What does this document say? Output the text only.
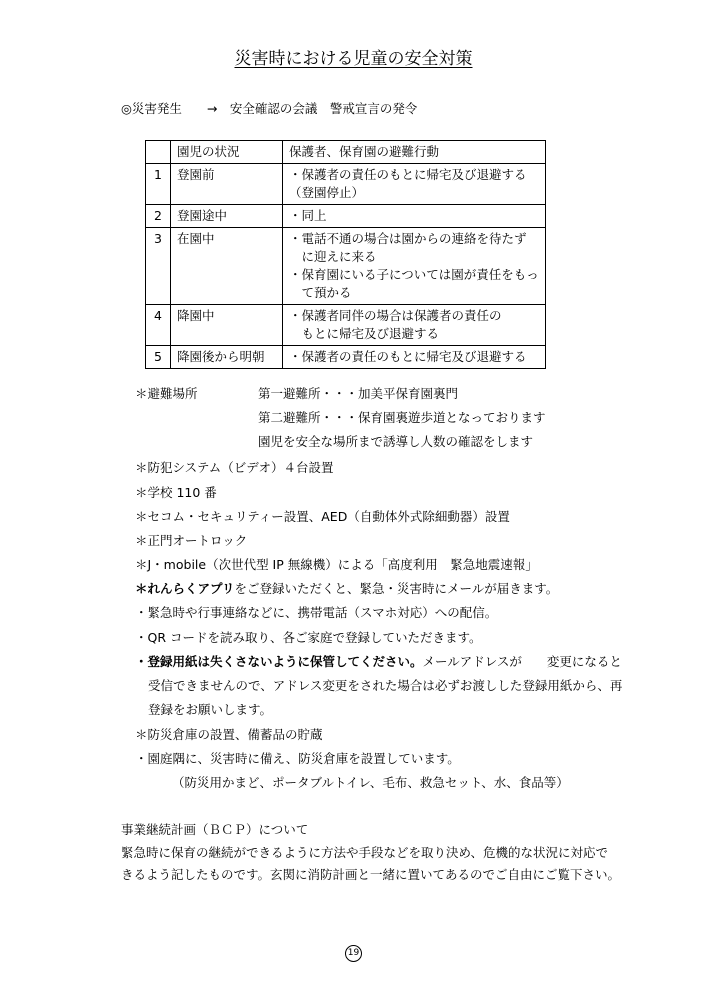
災害時における児童の安全対策
◎災害発生　　→　安全確認の会議　警戒宣言の発令
	園児の状況	保護者、保育園の避難行動
1	登園前	・保護者の責任のもとに帰宅及び退避する
（登園停止）
2	登園途中	・同上
3	在園中	・電話不通の場合は園からの連絡を待たず
　に迎えに来る
・保育園にいる子については園が責任をもっ
　て預かる
4	降園中	・保護者同伴の場合は保護者の責任の
　もとに帰宅及び退避する
5	降園後から明朝	・保護者の責任のもとに帰宅及び退避する
＊避難場所	第一避難所・・・加美平保育園裏門
第二避難所・・・保育園裏遊歩道となっております
園児を安全な場所まで誘導し人数の確認をします
＊防犯システム（ビデオ）４台設置
＊学校 110 番
＊セコム・セキュリティー設置、AED（自動体外式除細動器）設置
＊正門オートロック
＊J・mobile（次世代型 IP 無線機）による「高度利用　緊急地震速報」
＊れんらくアプリをご登録いただくと、緊急・災害時にメールが届きます。
・緊急時や行事連絡などに、携帯電話（スマホ対応）への配信。
・QR コードを読み取り、各ご家庭で登録していただきます。
・登録用紙は失くさないように保管してください。メールアドレスが　　変更になると
受信できませんので、アドレス変更をされた場合は必ずお渡しした登録用紙から、再
登録をお願いします。
＊防災倉庫の設置、備蓄品の貯蔵
・園庭隅に、災害時に備え、防災倉庫を設置しています。
（防災用かまど、ポータブルトイレ、毛布、救急セット、水、食品等）
事業継続計画（ＢＣＰ）について
緊急時に保育の継続ができるように方法や手段などを取り決め、危機的な状況に対応で
きるよう記したものです。玄関に消防計画と一緒に置いてあるのでご自由にご覧下さい。
19
